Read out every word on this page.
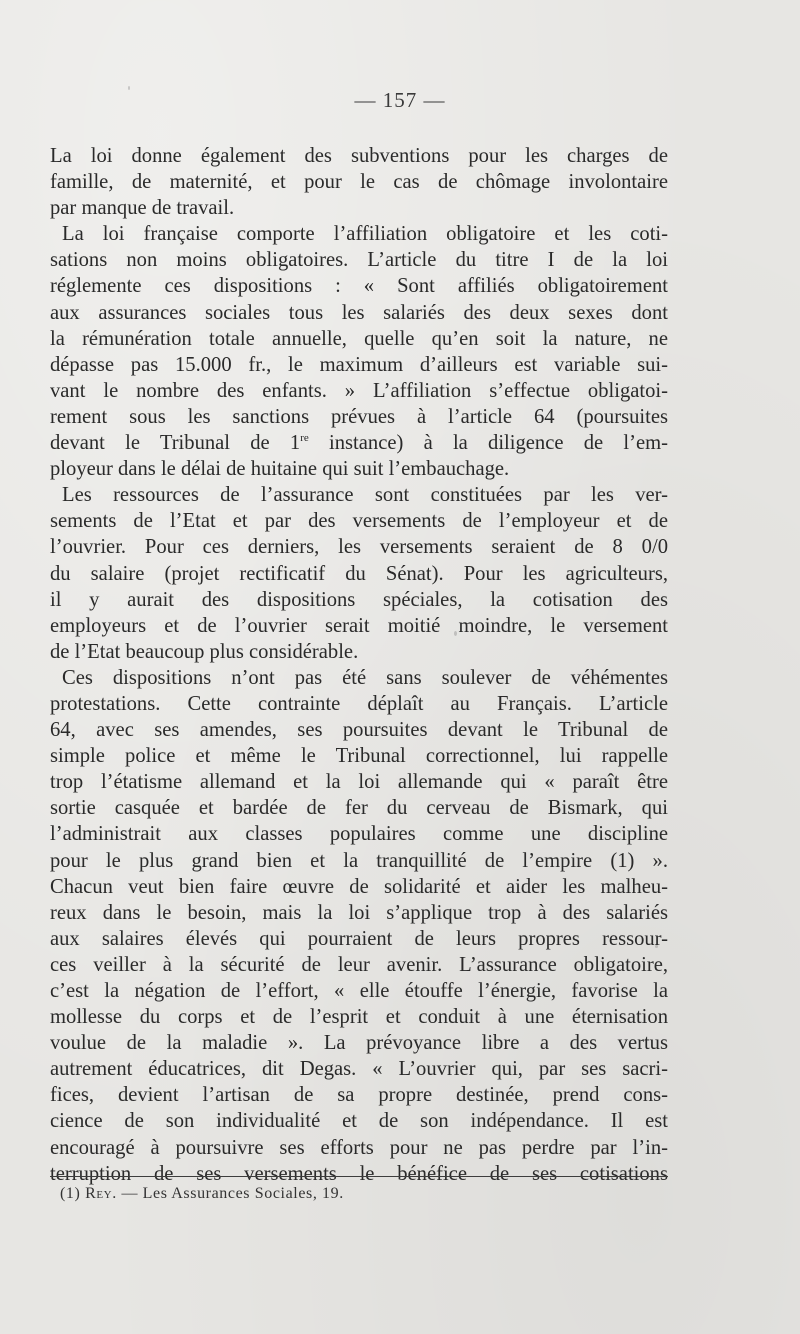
— 157 —
La loi donne également des subventions pour les charges de
famille, de maternité, et pour le cas de chômage involontaire
par manque de travail.
La loi française comporte l’affiliation obligatoire et les coti-
sations non moins obligatoires. L’article du titre I de la loi
réglemente ces dispositions : « Sont affiliés obligatoirement
aux assurances sociales tous les salariés des deux sexes dont
la rémunération totale annuelle, quelle qu’en soit la nature, ne
dépasse pas 15.000 fr., le maximum d’ailleurs est variable sui-
vant le nombre des enfants. » L’affiliation s’effectue obligatoi-
rement sous les sanctions prévues à l’article 64 (poursuites
devant le Tribunal de 1re instance) à la diligence de l’em-
ployeur dans le délai de huitaine qui suit l’embauchage.
Les ressources de l’assurance sont constituées par les ver-
sements de l’Etat et par des versements de l’employeur et de
l’ouvrier. Pour ces derniers, les versements seraient de 8 0/0
du salaire (projet rectificatif du Sénat). Pour les agriculteurs,
il y aurait des dispositions spéciales, la cotisation des
employeurs et de l’ouvrier serait moitié moindre, le versement
de l’Etat beaucoup plus considérable.
Ces dispositions n’ont pas été sans soulever de véhémentes
protestations. Cette contrainte déplaît au Français. L’article
64, avec ses amendes, ses poursuites devant le Tribunal de
simple police et même le Tribunal correctionnel, lui rappelle
trop l’étatisme allemand et la loi allemande qui « paraît être
sortie casquée et bardée de fer du cerveau de Bismark, qui
l’administrait aux classes populaires comme une discipline
pour le plus grand bien et la tranquillité de l’empire (1) ».
Chacun veut bien faire œuvre de solidarité et aider les malheu-
reux dans le besoin, mais la loi s’applique trop à des salariés
aux salaires élevés qui pourraient de leurs propres ressour-
ces veiller à la sécurité de leur avenir. L’assurance obligatoire,
c’est la négation de l’effort, « elle étouffe l’énergie, favorise la
mollesse du corps et de l’esprit et conduit à une éternisation
voulue de la maladie ». La prévoyance libre a des vertus
autrement éducatrices, dit Degas. « L’ouvrier qui, par ses sacri-
fices, devient l’artisan de sa propre destinée, prend cons-
cience de son individualité et de son indépendance. Il est
encouragé à poursuivre ses efforts pour ne pas perdre par l’in-
terruption de ses versements le bénéfice de ses cotisations
(1) Rey. — Les Assurances Sociales, 19.
